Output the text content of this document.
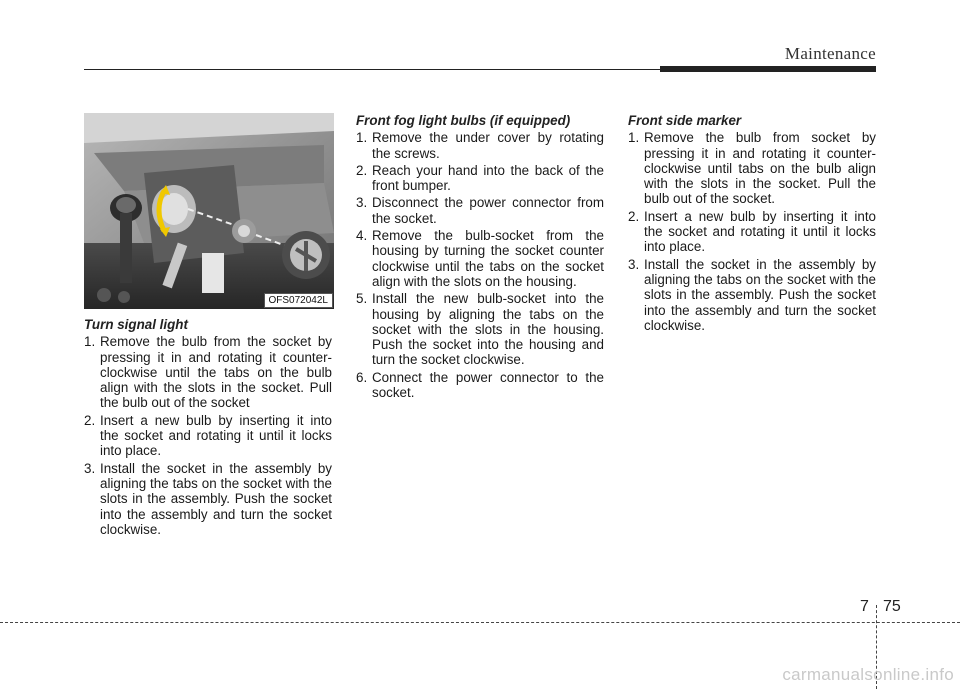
Maintenance
OFS072042L
Turn signal light
1. Remove the bulb from the socket by pressing it in and rotating it counter-clockwise until the tabs on the bulb align with the slots in the socket. Pull the bulb out of the socket
2. Insert a new bulb by inserting it into the socket and rotating it until it locks into place.
3. Install the socket in the assembly by aligning the tabs on the socket with the slots in the assembly. Push the socket into the assembly and turn the socket clockwise.
Front fog light bulbs (if equipped)
1. Remove the under cover by rotating the screws.
2. Reach your hand into the back of the front bumper.
3. Disconnect the power connector from the socket.
4. Remove the bulb-socket from the housing by turning the socket counter clockwise until the tabs on the socket align with the slots on the housing.
5. Install the new bulb-socket into the housing by aligning the tabs on the socket with the slots in the housing. Push the socket into the housing and turn the socket clockwise.
6. Connect the power connector to the socket.
Front side marker
1. Remove the bulb from socket by pressing it in and rotating it counter-clockwise until tabs on the bulb align with the slots in the socket. Pull the bulb out of the socket.
2. Insert a new bulb by inserting it into the socket and rotating it until it locks into place.
3. Install the socket in the assembly by aligning the tabs on the socket with the slots in the assembly. Push the socket into the assembly and turn the socket clockwise.
7 75
carmanualsonline.info
